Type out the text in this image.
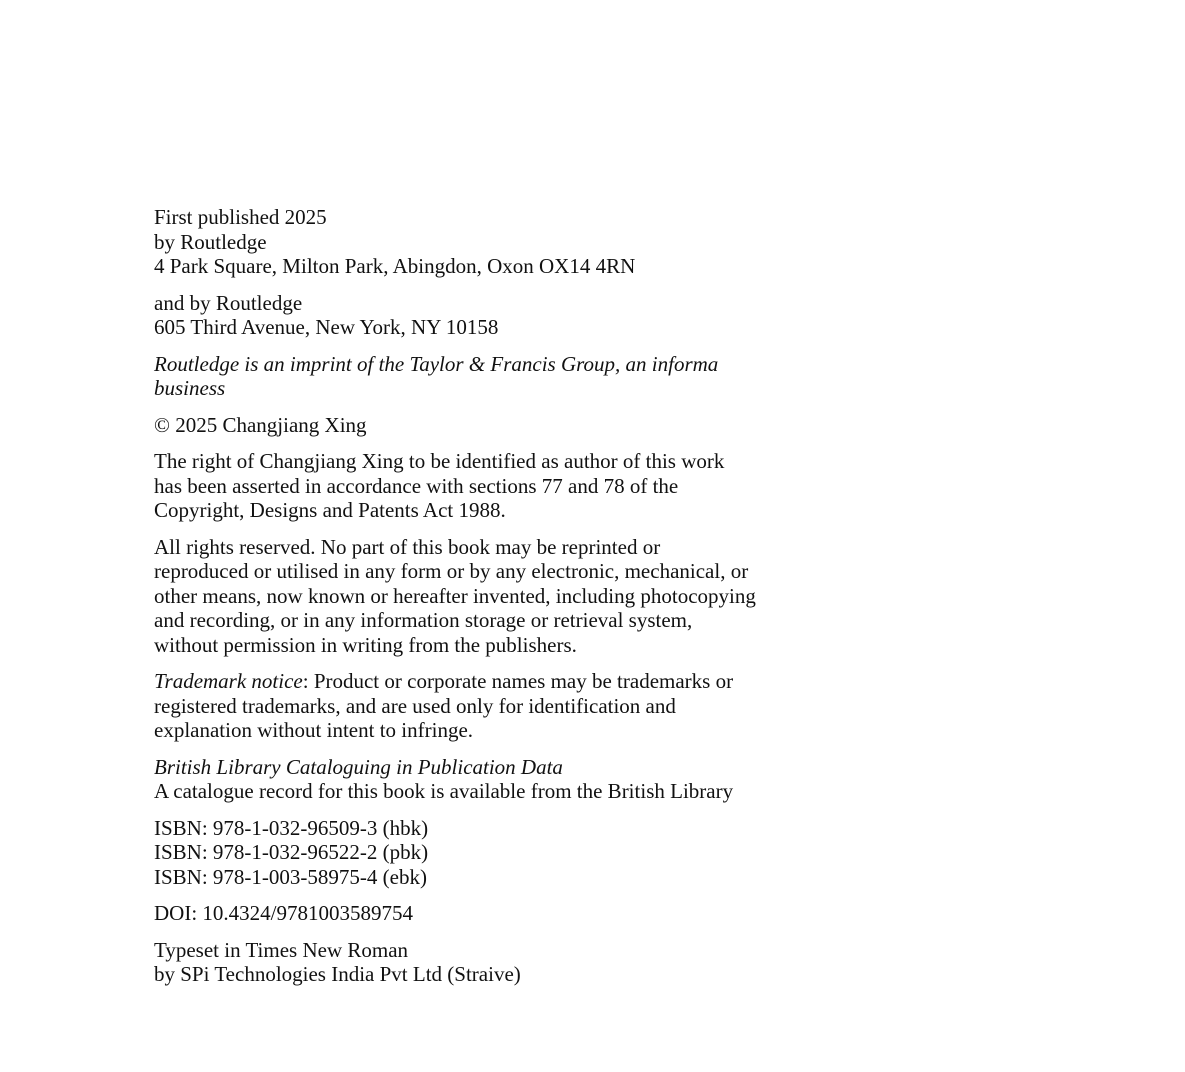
First published 2025
by Routledge
4 Park Square, Milton Park, Abingdon, Oxon OX14 4RN
and by Routledge
605 Third Avenue, New York, NY 10158
Routledge is an imprint of the Taylor & Francis Group, an informa
business
© 2025 Changjiang Xing
The right of Changjiang Xing to be identified as author of this work
has been asserted in accordance with sections 77 and 78 of the
Copyright, Designs and Patents Act 1988.
All rights reserved. No part of this book may be reprinted or
reproduced or utilised in any form or by any electronic, mechanical, or
other means, now known or hereafter invented, including photocopying
and recording, or in any information storage or retrieval system,
without permission in writing from the publishers.
Trademark notice: Product or corporate names may be trademarks or
registered trademarks, and are used only for identification and
explanation without intent to infringe.
British Library Cataloguing in Publication Data
A catalogue record for this book is available from the British Library
ISBN: 978-1-032-96509-3 (hbk)
ISBN: 978-1-032-96522-2 (pbk)
ISBN: 978-1-003-58975-4 (ebk)
DOI: 10.4324/9781003589754
Typeset in Times New Roman
by SPi Technologies India Pvt Ltd (Straive)
